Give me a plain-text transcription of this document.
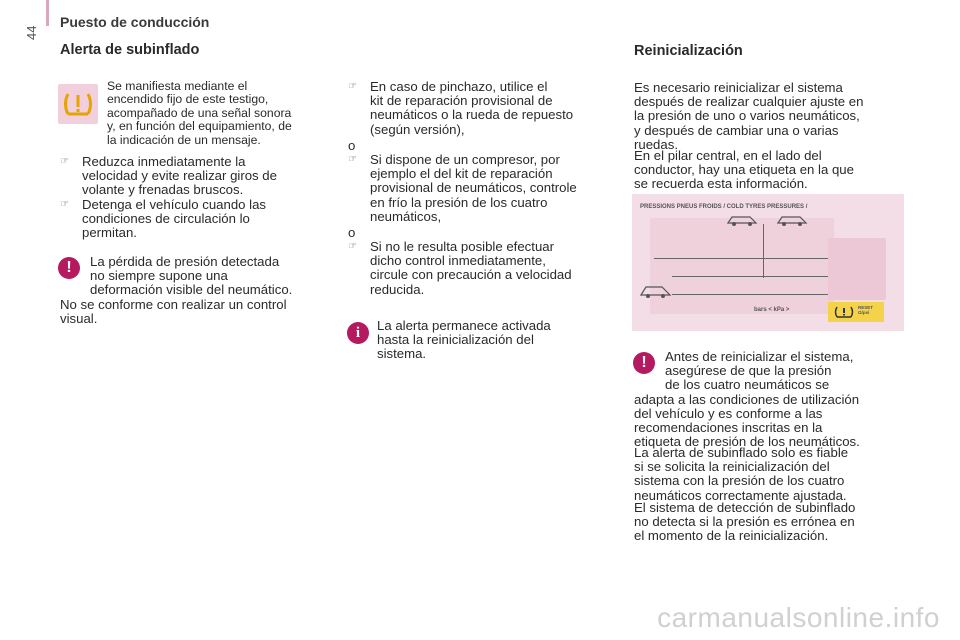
44
Puesto de conducción
Alerta de subinflado
Se manifiesta mediante el
encendido fijo de este testigo,
acompañado de una señal sonora
y, en función del equipamiento, de
la indicación de un mensaje.
☞ Reduzca inmediatamente la
velocidad y evite realizar giros de
volante y frenadas bruscos.
☞ Detenga el vehículo cuando las
condiciones de circulación lo
permitan.
!	La pérdida de presión detectada
no siempre supone una
deformación visible del neumático.
No se conforme con realizar un control
visual.
☞ En caso de pinchazo, utilice el
kit de reparación provisional de
neumáticos o la rueda de repuesto
(según versión),
o
☞ Si dispone de un compresor, por
ejemplo el del kit de reparación
provisional de neumáticos, controle
en frío la presión de los cuatro
neumáticos,
o
☞ Si no le resulta posible efectuar
dicho control inmediatamente,
circule con precaución a velocidad
reducida.
i	La alerta permanece activada
hasta la reinicialización del
sistema.
Reinicialización
Es necesario reinicializar el sistema
después de realizar cualquier ajuste en
la presión de uno o varios neumáticos,
y después de cambiar una o varias
ruedas.
En el pilar central, en el lado del
conductor, hay una etiqueta en la que
se recuerda esta información.
PRESSIONS PNEUS FROIDS / COLD TYRES PRESSURES /
bars < kPa >	RESET Ω/psi
!	Antes de reinicializar el sistema,
asegúrese de que la presión
de los cuatro neumáticos se
adapta a las condiciones de utilización
del vehículo y es conforme a las
recomendaciones inscritas en la
etiqueta de presión de los neumáticos.
La alerta de subinflado solo es fiable
si se solicita la reinicialización del
sistema con la presión de los cuatro
neumáticos correctamente ajustada.
El sistema de detección de subinflado
no detecta si la presión es errónea en
el momento de la reinicialización.
carmanualsonline.info
